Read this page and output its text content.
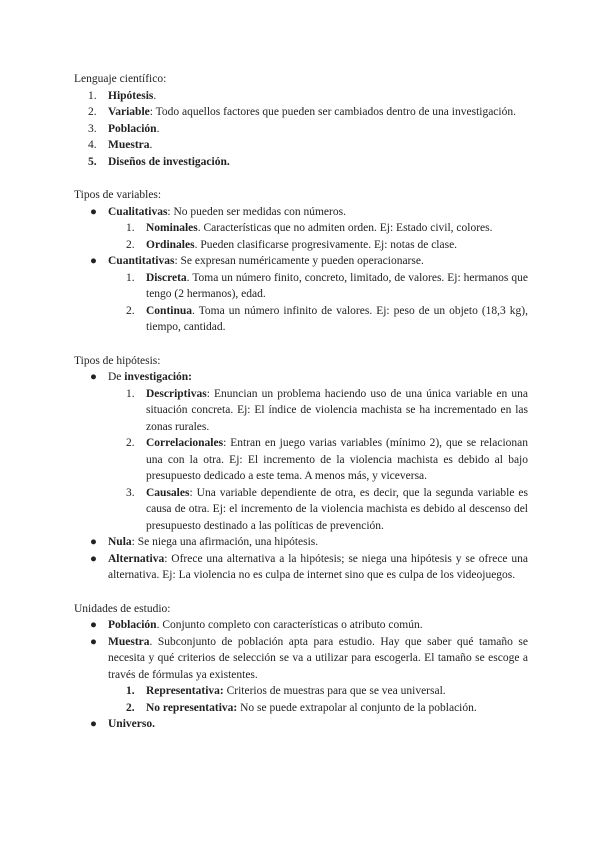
Lenguaje científico:

1. Hipótesis.
2. Variable: Todo aquellos factores que pueden ser cambiados dentro de una investigación.
3. Población.
4. Muestra.
5. Diseños de investigación.

Tipos de variables:

● Cualitativas: No pueden ser medidas con números.
1. Nominales. Características que no admiten orden. Ej: Estado civil, colores.
2. Ordinales. Pueden clasificarse progresivamente. Ej: notas de clase.
● Cuantitativas: Se expresan numéricamente y pueden operacionarse.
1. Discreta. Toma un número finito, concreto, limitado, de valores. Ej: hermanos que tengo (2 hermanos), edad.
2. Continua. Toma un número infinito de valores. Ej: peso de un objeto (18,3 kg), tiempo, cantidad.

Tipos de hipótesis:

● De investigación:
1. Descriptivas: Enuncian un problema haciendo uso de una única variable en una situación concreta. Ej: El índice de violencia machista se ha incrementado en las zonas rurales.
2. Correlacionales: Entran en juego varias variables (mínimo 2), que se relacionan una con la otra. Ej: El incremento de la violencia machista es debido al bajo presupuesto dedicado a este tema. A menos más, y viceversa.
3. Causales: Una variable dependiente de otra, es decir, que la segunda variable es causa de otra. Ej: el incremento de la violencia machista es debido al descenso del presupuesto destinado a las políticas de prevención.
● Nula: Se niega una afirmación, una hipótesis.
● Alternativa: Ofrece una alternativa a la hipótesis; se niega una hipótesis y se ofrece una alternativa. Ej: La violencia no es culpa de internet sino que es culpa de los videojuegos.

Unidades de estudio:

● Población. Conjunto completo con características o atributo común.
● Muestra. Subconjunto de población apta para estudio. Hay que saber qué tamaño se necesita y qué criterios de selección se va a utilizar para escogerla. El tamaño se escoge a través de fórmulas ya existentes.
1. Representativa: Criterios de muestras para que se vea universal.
2. No representativa: No se puede extrapolar al conjunto de la población.
● Universo.
